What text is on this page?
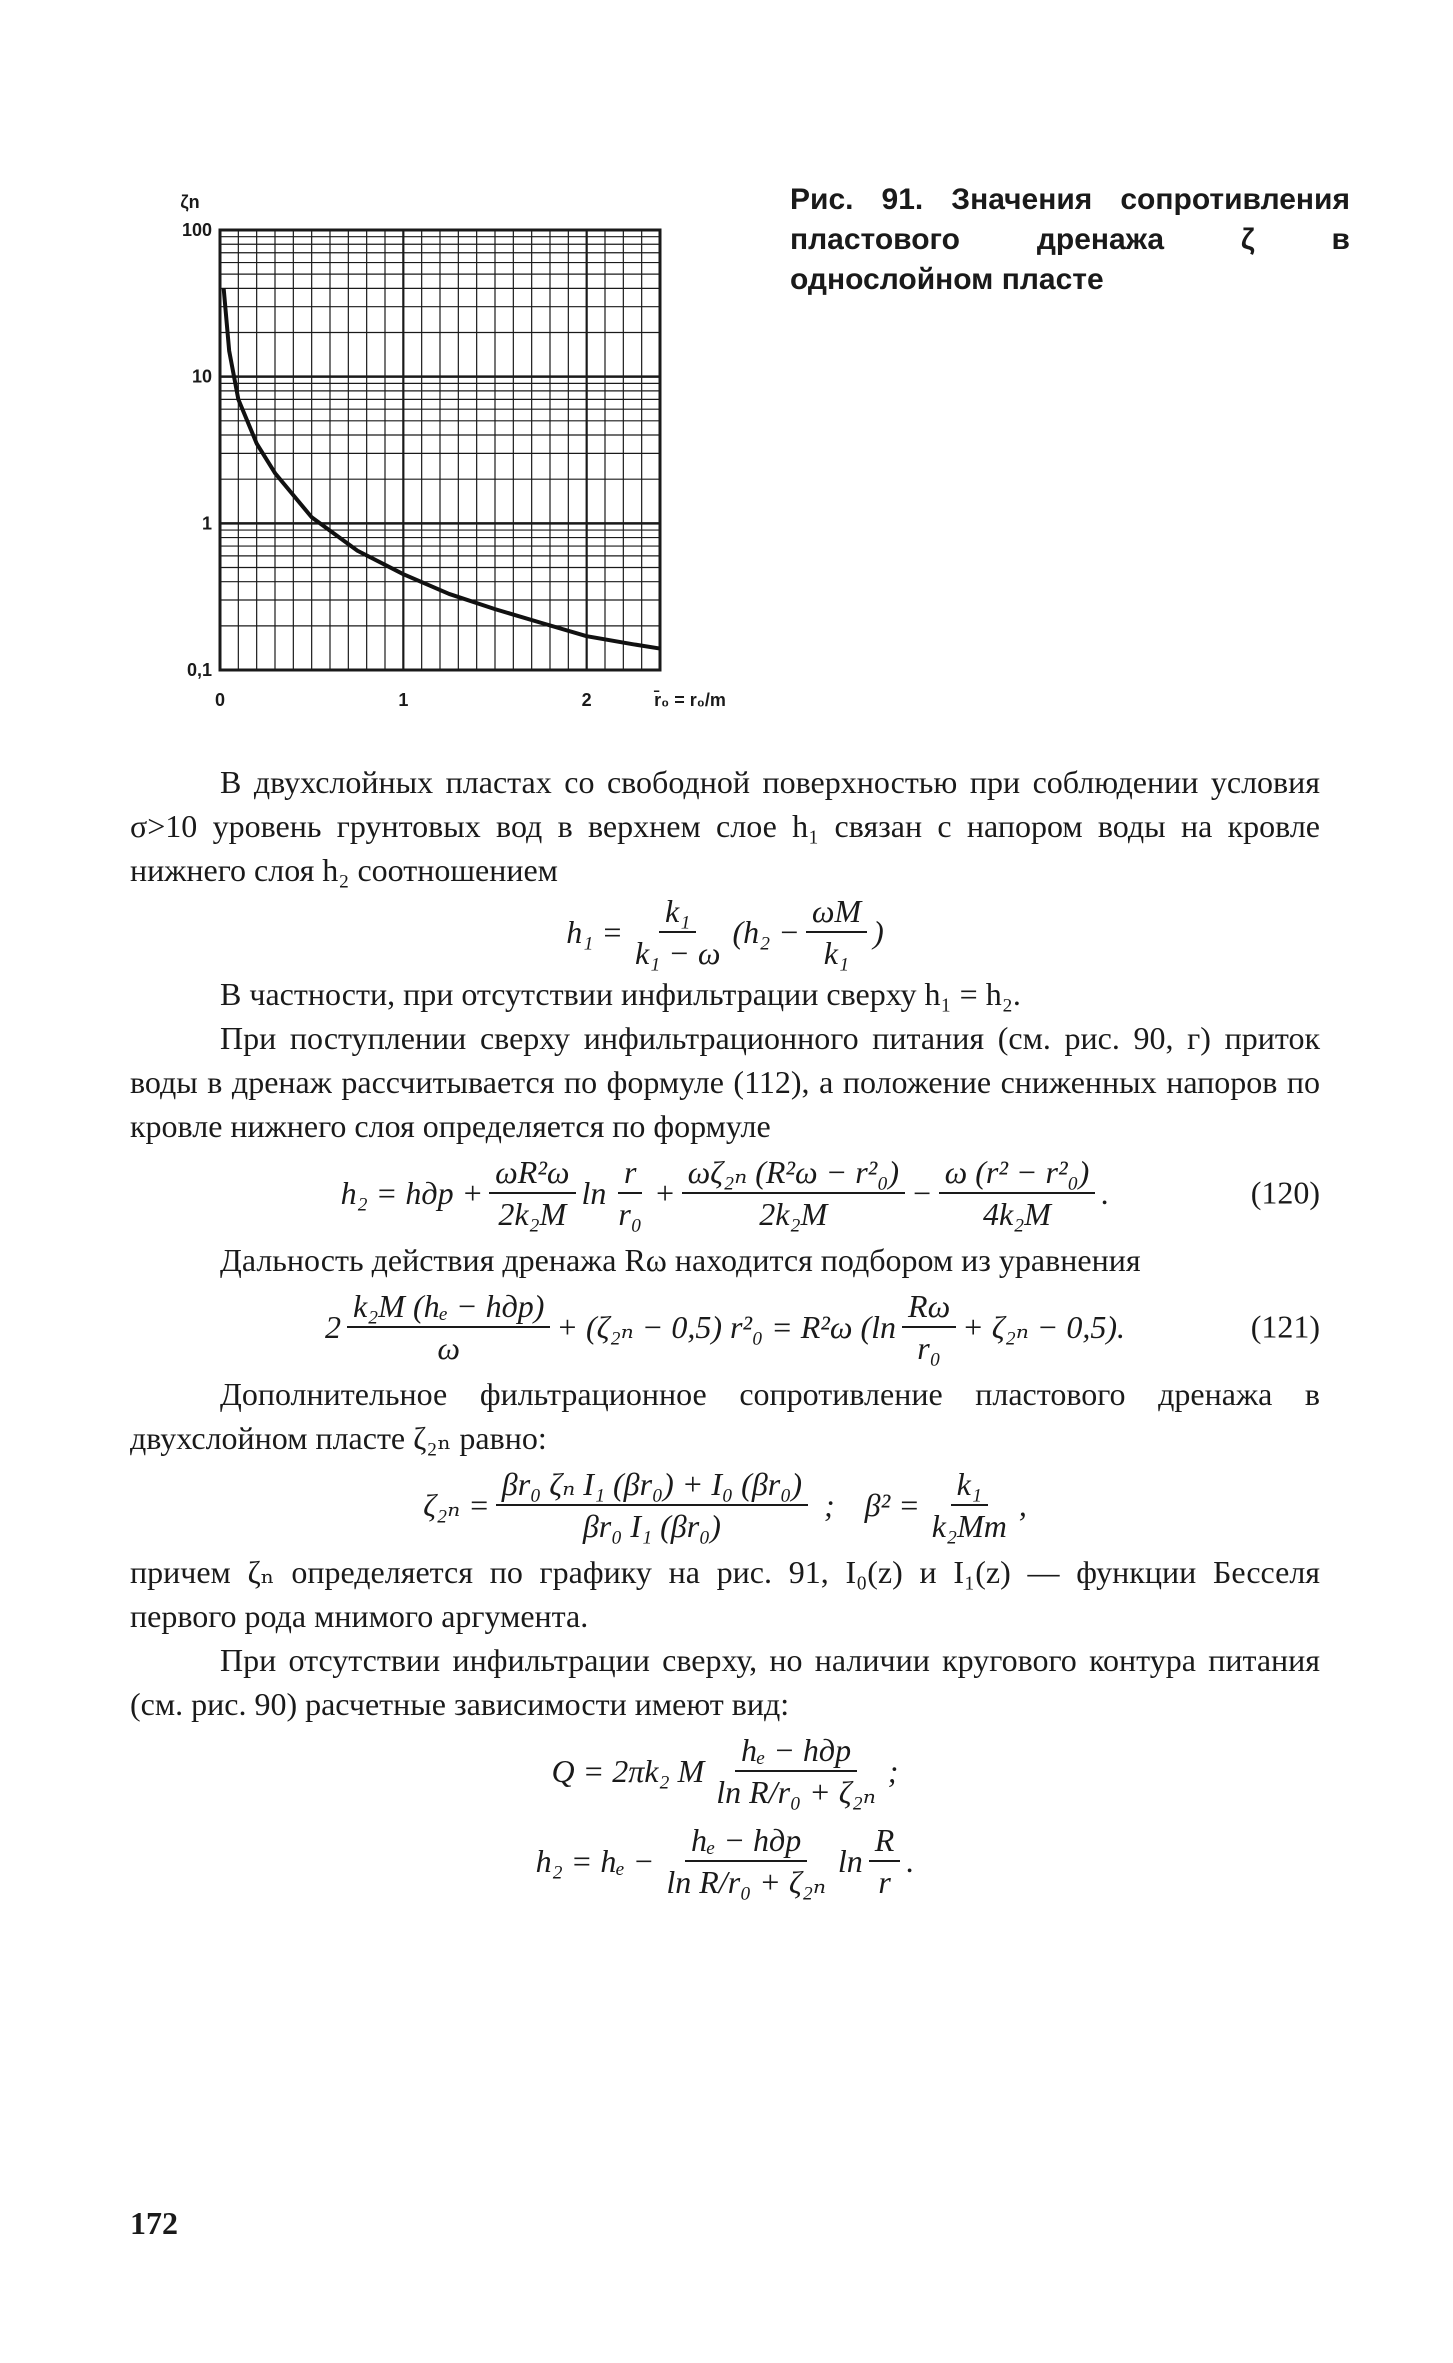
0,1
1
10
100
0	1	2
ζn
r̄₀ = r₀/m
Рис. 91. Значения сопротивления пластового дренажа ζ в однослойном пласте

В двухслойных пластах со свободной поверхностью при соблюдении условия σ>10 уровень грунтовых вод в верхнем слое h₁ связан с напором воды на кровле нижнего слоя h₂ соотношением

$h_1 = \frac{\text{k₁}}{\text{k₁ − ω}} (h_2 - \frac{\omega M}{\text{k₁}}$ )

В частности, при отсутствии инфильтрации сверху h₁ = h₂.

При поступлении сверху инфильтрационного питания (см. рис. 90, г) приток воды в дренаж рассчитывается по формуле (112), а положение сниженных напоров по кровле нижнего слоя определяется по формуле

h₂ = hдр + $\frac{\text{ωR²ω}}{\text{2k₂M}}$ $\ln \frac{r}{\text{r₀}} + \frac{\text{ωζ₂ₙ (R²ω − r²₀)}}{\text{2k₂M}} - \frac{\text{ω (r² − r²₀)}}{\text{4k₂M}}$ .	(120)

Дальность действия дренажа Rω находится подбором из уравнения

$2 \frac{\text{k₂M (hₑ − hдр)}}{\omega} + (\zeta_{2n} - 0,5) r^2_0 = R^2\omega$ $(\ln \frac{R\omega}{\text{r₀}} + \zeta_{2n} - 0,5)$ .	(121)

Дополнительное фильтрационное сопротивление пластового дренажа в двухслойном пласте ζ₂ₙ равно:

$\zeta_{2n} = \frac{\text{βr₀ ζₙ I₁ (βr₀) + I₀ (βr₀)}}{\text{βr₀ I₁ (βr₀)}}$ ; $\beta^2 = \frac{\text{k₁}}{\text{k₂Mm}}$ ,

причем ζₙ определяется по графику на рис. 91, I₀(z) и I₁(z) — функции Бесселя первого рода мнимого аргумента.

При отсутствии инфильтрации сверху, но наличии кругового контура питания (см. рис. 90) расчетные зависимости имеют вид:

Q = 2πk₂ M $\frac{\text{hₑ − hдр}}{\text{ln R/r₀ + ζ₂ₙ}}$ ;
$h_2 = h_e - \frac{\text{hₑ − hдр}}{\text{ln R/r₀ + ζ₂ₙ}}$ $\ln \frac{R}{r}$ .
172
